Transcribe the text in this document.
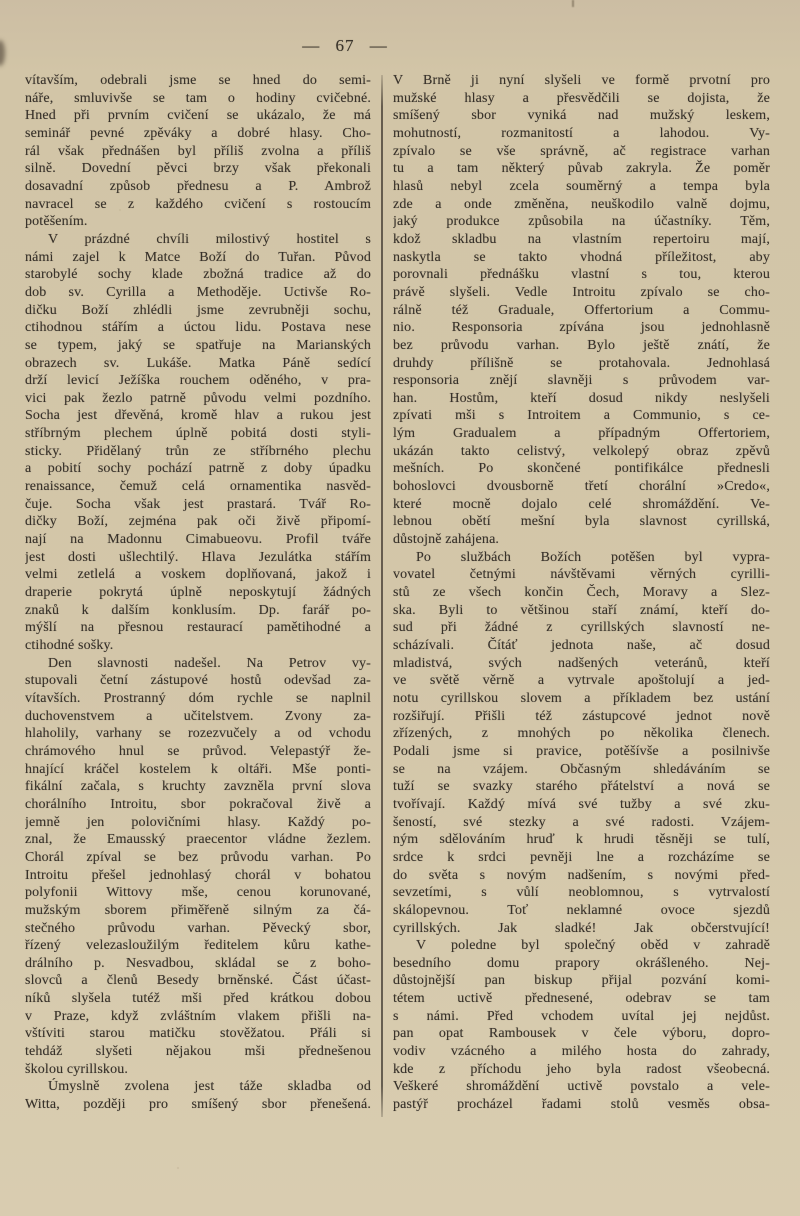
— 67 —
vítavším, odebrali jsme se hned do semi-
náře, smluvivše se tam o hodiny cvičebné.
Hned při prvním cvičení se ukázalo, že má
seminář pevné zpěváky a dobré hlasy. Cho-
rál však přednášen byl příliš zvolna a příliš
silně. Dovední pěvci brzy však překonali
dosavadní způsob přednesu a P. Ambrož
navracel se z každého cvičení s rostoucím
potěšením.
V prázdné chvíli milostivý hostitel s
námi zajel k Matce Boží do Tuřan. Původ
starobylé sochy klade zbožná tradice až do
dob sv. Cyrilla a Methoděje. Uctivše Ro-
dičku Boží zhlédli jsme zevrubněji sochu,
ctihodnou stářím a úctou lidu. Postava nese
se typem, jaký se spatřuje na Marianských
obrazech sv. Lukáše. Matka Páně sedící
drží levicí Ježíška rouchem oděného, v pra-
vici pak žezlo patrně původu velmi pozdního.
Socha jest dřevěná, kromě hlav a rukou jest
stříbrným plechem úplně pobitá dosti styli-
sticky. Přidělaný trůn ze stříbrného plechu
a pobití sochy pochází patrně z doby úpadku
renaissance, čemuž celá ornamentika nasvěd-
čuje. Socha však jest prastará. Tvář Ro-
dičky Boží, zejména pak oči živě připomí-
nají na Madonnu Cimabueovu. Profil tváře
jest dosti ušlechtilý. Hlava Jezulátka stářím
velmi zetlelá a voskem doplňovaná, jakož i
draperie pokrytá úplně neposkytují žádných
znaků k dalším konklusím. Dp. farář po-
mýšlí na přesnou restaurací pamětihodné a
ctihodné sošky.
Den slavnosti nadešel. Na Petrov vy-
stupovali četní zástupové hostů odevšad za-
vítavších. Prostranný dóm rychle se naplnil
duchovenstvem a učitelstvem. Zvony za-
hlaholily, varhany se rozezvučely a od vchodu
chrámového hnul se průvod. Velepastýř že-
hnající kráčel kostelem k oltáři. Mše ponti-
fikální začala, s kruchty zavzněla první slova
chorálního Introitu, sbor pokračoval živě a
jemně jen polovičními hlasy. Každý po-
znal, že Emausský praecentor vládne žezlem.
Chorál zpíval se bez průvodu varhan. Po
Introitu přešel jednohlasý chorál v bohatou
polyfonii Wittovy mše, cenou korunované,
mužským sborem přiměřeně silným za čá-
stečného průvodu varhan. Pěvecký sbor,
řízený velezasloužilým ředitelem kůru kathe-
drálního p. Nesvadbou, skládal se z boho-
slovců a členů Besedy brněnské. Část účast-
níků slyšela tutéž mši před krátkou dobou
v Praze, když zvláštním vlakem přišli na-
vštíviti starou matičku stověžatou. Přáli si
tehdáž slyšeti nějakou mši přednešenou
školou cyrillskou.
Úmyslně zvolena jest táže skladba od
Witta, později pro smíšený sbor přenešená.
V Brně ji nyní slyšeli ve formě prvotní pro
mužské hlasy a přesvědčili se dojista, že
smíšený sbor vyniká nad mužský leskem,
mohutností, rozmanitostí a lahodou. Vy-
zpívalo se vše správně, ač registrace varhan
tu a tam některý půvab zakryla. Že poměr
hlasů nebyl zcela souměrný a tempa byla
zde a onde změněna, neuškodilo valně dojmu,
jaký produkce způsobila na účastníky. Těm,
kdož skladbu na vlastním repertoiru mají,
naskytla se takto vhodná příležitost, aby
porovnali přednášku vlastní s tou, kterou
právě slyšeli. Vedle Introitu zpívalo se cho-
rálně též Graduale, Offertorium a Commu-
nio. Responsoria zpívána jsou jednohlasně
bez průvodu varhan. Bylo ještě znátí, že
druhdy přílišně se protahovala. Jednohlasá
responsoria znějí slavněji s průvodem var-
han. Hostům, kteří dosud nikdy neslyšeli
zpívati mši s Introitem a Communio, s ce-
lým Gradualem a případným Offertoriem,
ukázán takto celistvý, velkolepý obraz zpěvů
mešních. Po skončené pontifikálce přednesli
bohoslovci dvousborně třetí chorální »Credo«,
které mocně dojalo celé shromáždění. Ve-
lebnou obětí mešní byla slavnost cyrillská,
důstojně zahájena.
Po službách Božích potěšen byl vypra-
vovatel četnými návštěvami věrných cyrilli-
stů ze všech končin Čech, Moravy a Slez-
ska. Byli to většinou staří známí, kteří do-
sud při žádné z cyrillských slavností ne-
scházívali. Čítáť jednota naše, ač dosud
mladistvá, svých nadšených veteránů, kteří
ve světě věrně a vytrvale apoštolují a jed-
notu cyrillskou slovem a příkladem bez ustání
rozšiřují. Přišli též zástupcové jednot nově
zřízených, z mnohých po několika členech.
Podali jsme si pravice, potěšívše a posilnivše
se na vzájem. Občasným shledáváním se
tuží se svazky starého přátelství a nová se
tvořívají. Každý mívá své tužby a své zku-
šeností, své stezky a své radosti. Vzájem-
ným sdělováním hruď k hrudi těsněji se tulí,
srdce k srdci pevněji lne a rozcházíme se
do světa s novým nadšením, s novými před-
sevzetími, s vůlí neoblomnou, s vytrvalostí
skálopevnou. Toť neklamné ovoce sjezdů
cyrillských. Jak sladké! Jak občerstvující!
V poledne byl společný oběd v zahradě
besedního domu prapory okrášleného. Nej-
důstojnější pan biskup přijal pozvání komi-
tétem uctivě přednesené, odebrav se tam
s námi. Před vchodem uvítal jej nejdůst.
pan opat Rambousek v čele výboru, dopro-
vodiv vzácného a milého hosta do zahrady,
kde z příchodu jeho byla radost všeobecná.
Veškeré shromáždění uctivě povstalo a vele-
pastýř procházel řadami stolů vesměs obsa-
